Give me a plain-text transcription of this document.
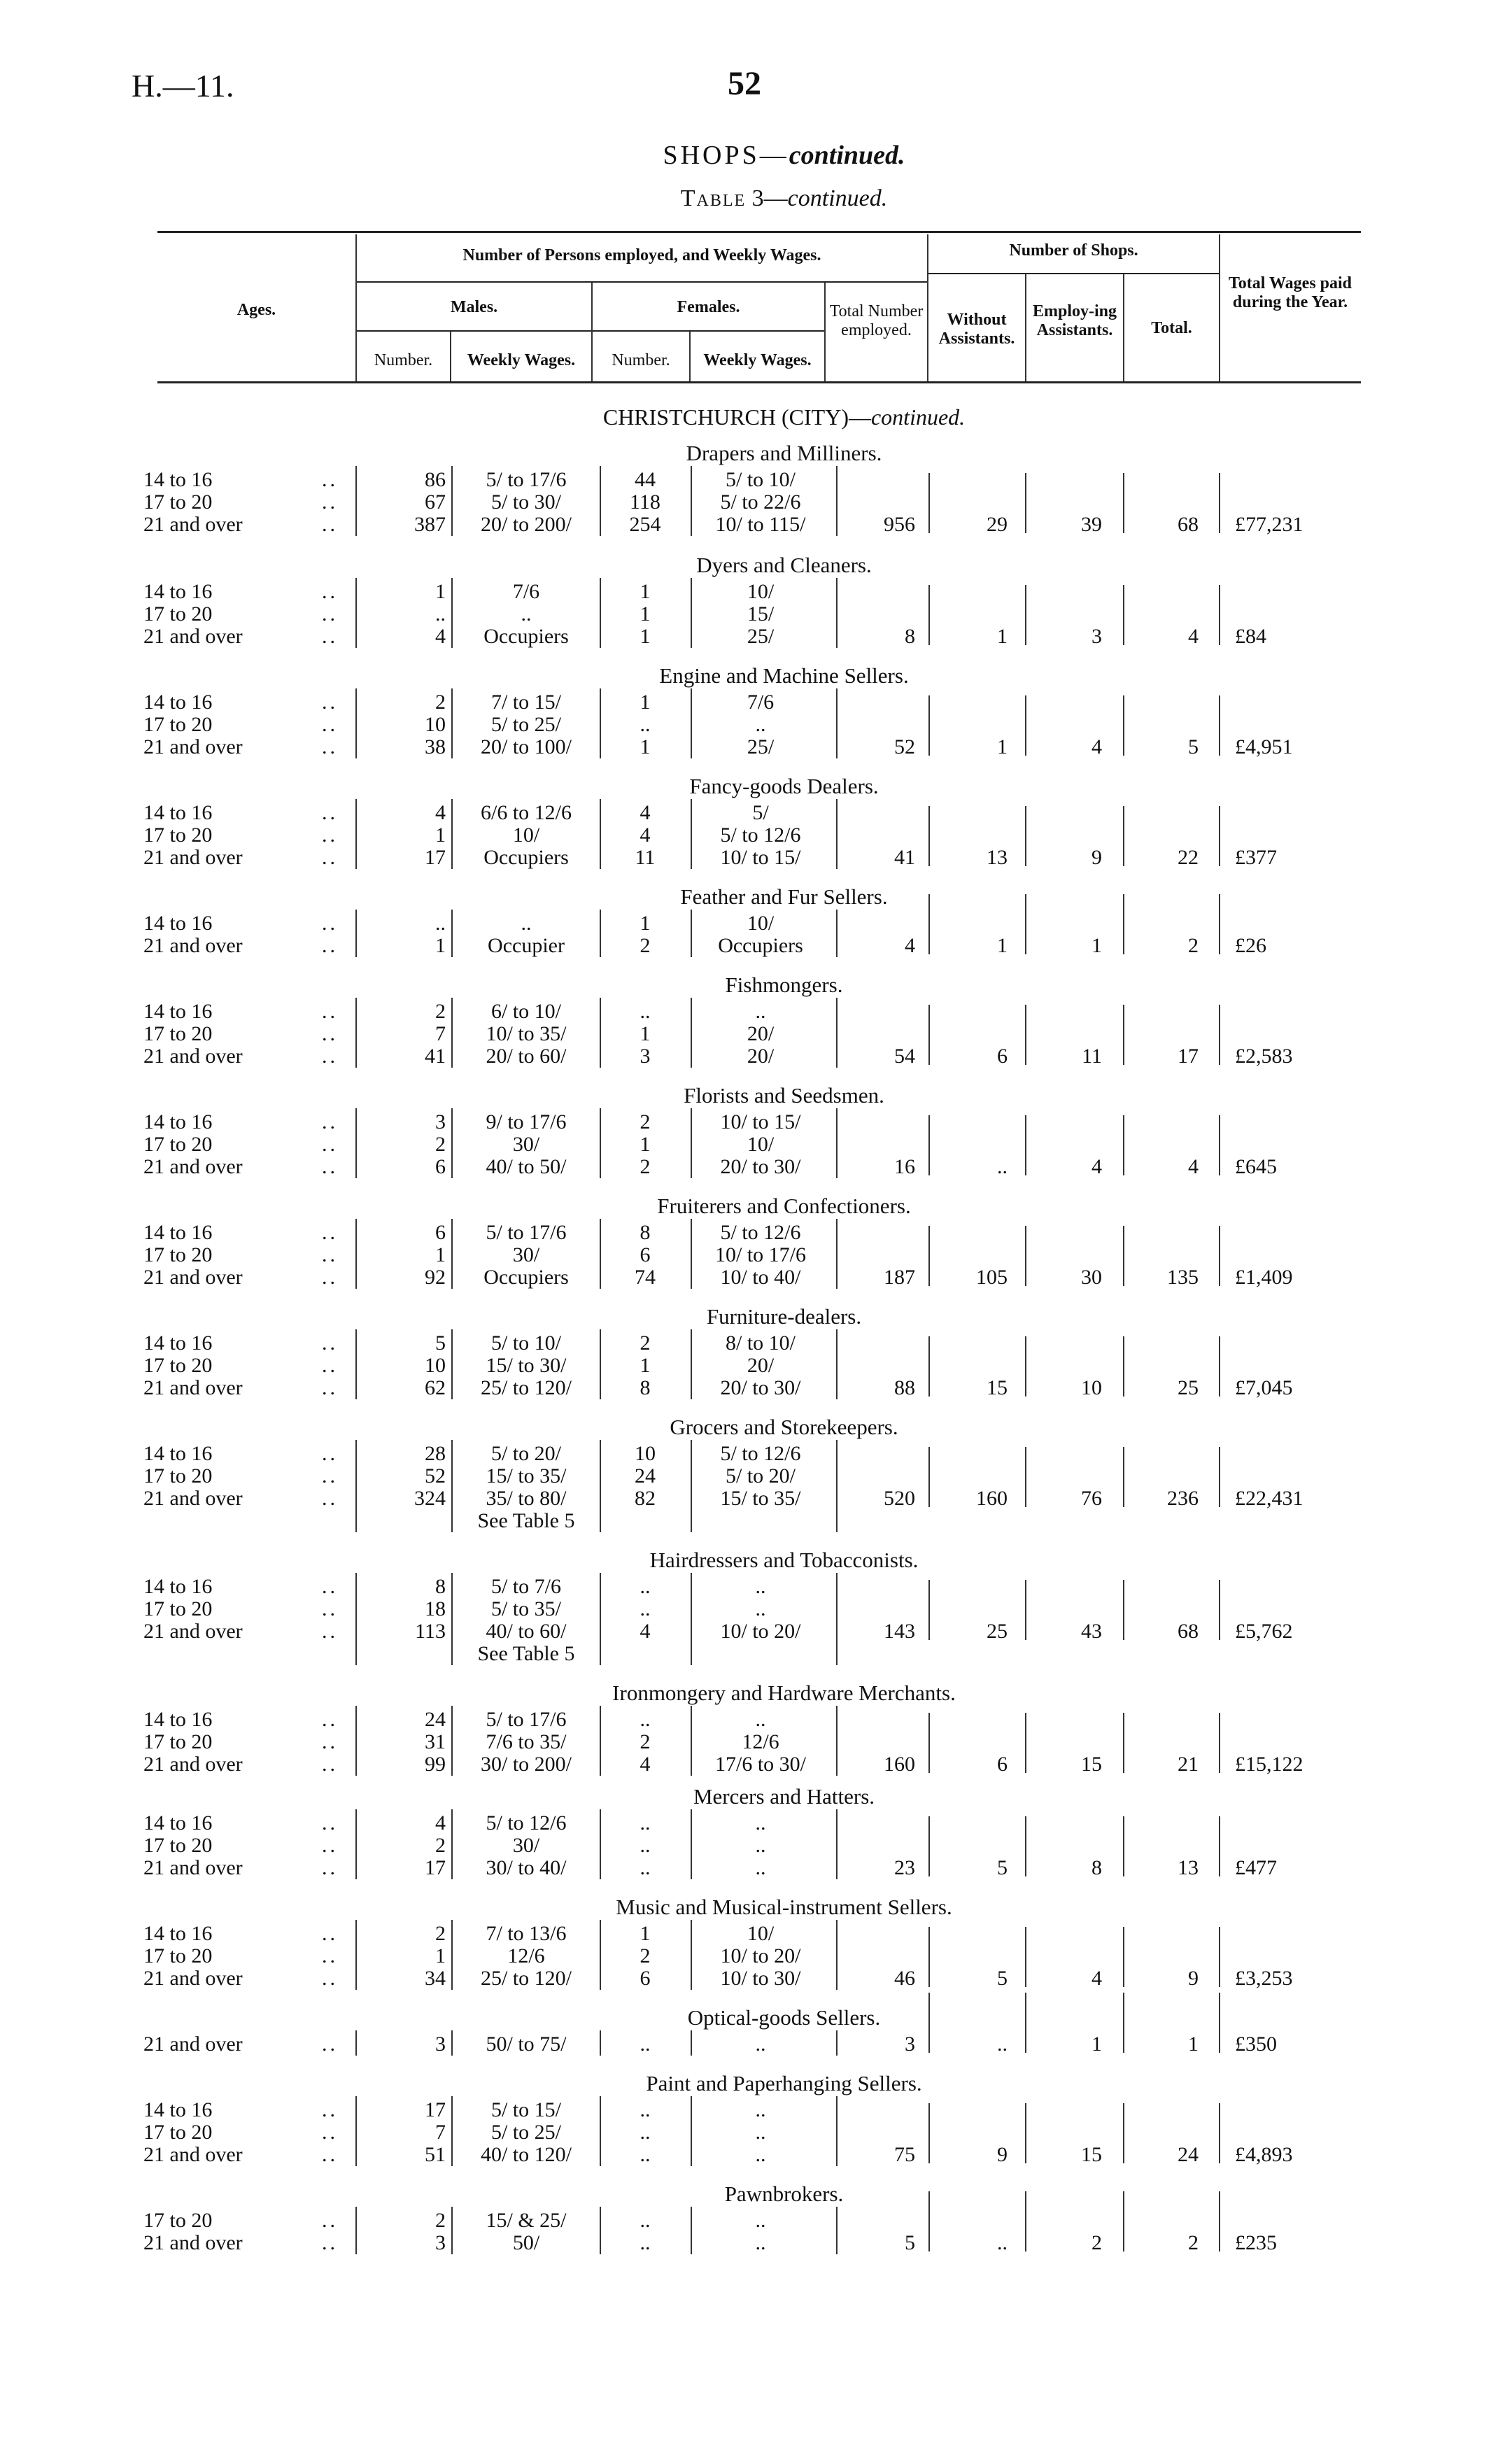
H.—11.	52
SHOPS—continued.
Table 3—continued.
Ages.
Number of Persons employed, and Weekly Wages.
Males.	Females.
Number.	Weekly Wages.	Number.	Weekly Wages.
Total Number employed.
Number of Shops.
Without Assistants.
Employ-ing Assistants.	Total.
Total Wages paid during the Year.
CHRISTCHURCH (CITY)—continued.
Drapers and Milliners.
14 to 16	..	86	5/ to 17/6	44	5/ to 10/
17 to 20	..	67	5/ to 30/	118	5/ to 22/6
21 and over	..	387	20/ to 200/	254	10/ to 115/	956	29	39	68 £77,231
Dyers and Cleaners.
14 to 16	..	1	7/6	1	10/
17 to 20	..	..	..	1	15/
21 and over	..	4	Occupiers	1	25/	8	1	3	4 £84
Engine and Machine Sellers.
14 to 16	..	2	7/ to 15/	1	7/6
17 to 20	..	10	5/ to 25/	..	..
21 and over	..	38	20/ to 100/	1	25/	52	1	4	5 £4,951
Fancy-goods Dealers.
14 to 16	..	4	6/6 to 12/6	4	5/
17 to 20	..	1	10/	4	5/ to 12/6
21 and over	..	17	Occupiers	11	10/ to 15/	41	13	9	22 £377
Feather and Fur Sellers.
14 to 16	..	..	..	1	10/
21 and over	..	1	Occupier	2	Occupiers	4	1	1	2 £26
Fishmongers.
14 to 16	..	2	6/ to 10/	..	..
17 to 20	..	7	10/ to 35/	1	20/
21 and over	..	41	20/ to 60/	3	20/	54	6	11	17 £2,583
Florists and Seedsmen.
14 to 16	..	3	9/ to 17/6	2	10/ to 15/
17 to 20	..	2	30/	1	10/
21 and over	..	6	40/ to 50/	2	20/ to 30/	16	..	4	4 £645
Fruiterers and Confectioners.
14 to 16	..	6	5/ to 17/6	8	5/ to 12/6
17 to 20	..	1	30/	6	10/ to 17/6
21 and over	..	92	Occupiers	74	10/ to 40/	187	105	30	135 £1,409
Furniture-dealers.
14 to 16	..	5	5/ to 10/	2	8/ to 10/
17 to 20	..	10	15/ to 30/	1	20/
21 and over	..	62	25/ to 120/	8	20/ to 30/	88	15	10	25 £7,045
Grocers and Storekeepers.
14 to 16	..	28	5/ to 20/	10	5/ to 12/6
17 to 20	..	52	15/ to 35/	24	5/ to 20/
21 and over	..	324	35/ to 80/	82	15/ to 35/
See Table 5
520	160	76	236 £22,431
Hairdressers and Tobacconists.
14 to 16	..	8	5/ to 7/6	..	..
17 to 20	..	18	5/ to 35/	..	..
21 and over	..	113	40/ to 60/	4	10/ to 20/
See Table 5
143	25	43	68 £5,762
Ironmongery and Hardware Merchants.
14 to 16	..	24	5/ to 17/6	..	..
17 to 20	..	31	7/6 to 35/	2	12/6
21 and over	..	99	30/ to 200/	4	17/6 to 30/	160	6	15	21 £15,122
Mercers and Hatters.
14 to 16	..	4	5/ to 12/6	..	..
17 to 20	..	2	30/	..	..
21 and over	..	17	30/ to 40/	..	..	23	5	8	13 £477
Music and Musical-instrument Sellers.
14 to 16	..	2	7/ to 13/6	1	10/
17 to 20	..	1	12/6	2	10/ to 20/
21 and over	..	34	25/ to 120/	6	10/ to 30/	46	5	4	9 £3,253
Optical-goods Sellers.
21 and over	..	3	50/ to 75/	..	..	3	..	1	1 £350
Paint and Paperhanging Sellers.
14 to 16	..	17	5/ to 15/	..	..
17 to 20	..	7	5/ to 25/	..	..
21 and over	..	51	40/ to 120/	..	..	75	9	15	24 £4,893
Pawnbrokers.
17 to 20	..	2	15/ & 25/	..	..
21 and over	..	3	50/	..	..	5	..	2	2 £235
